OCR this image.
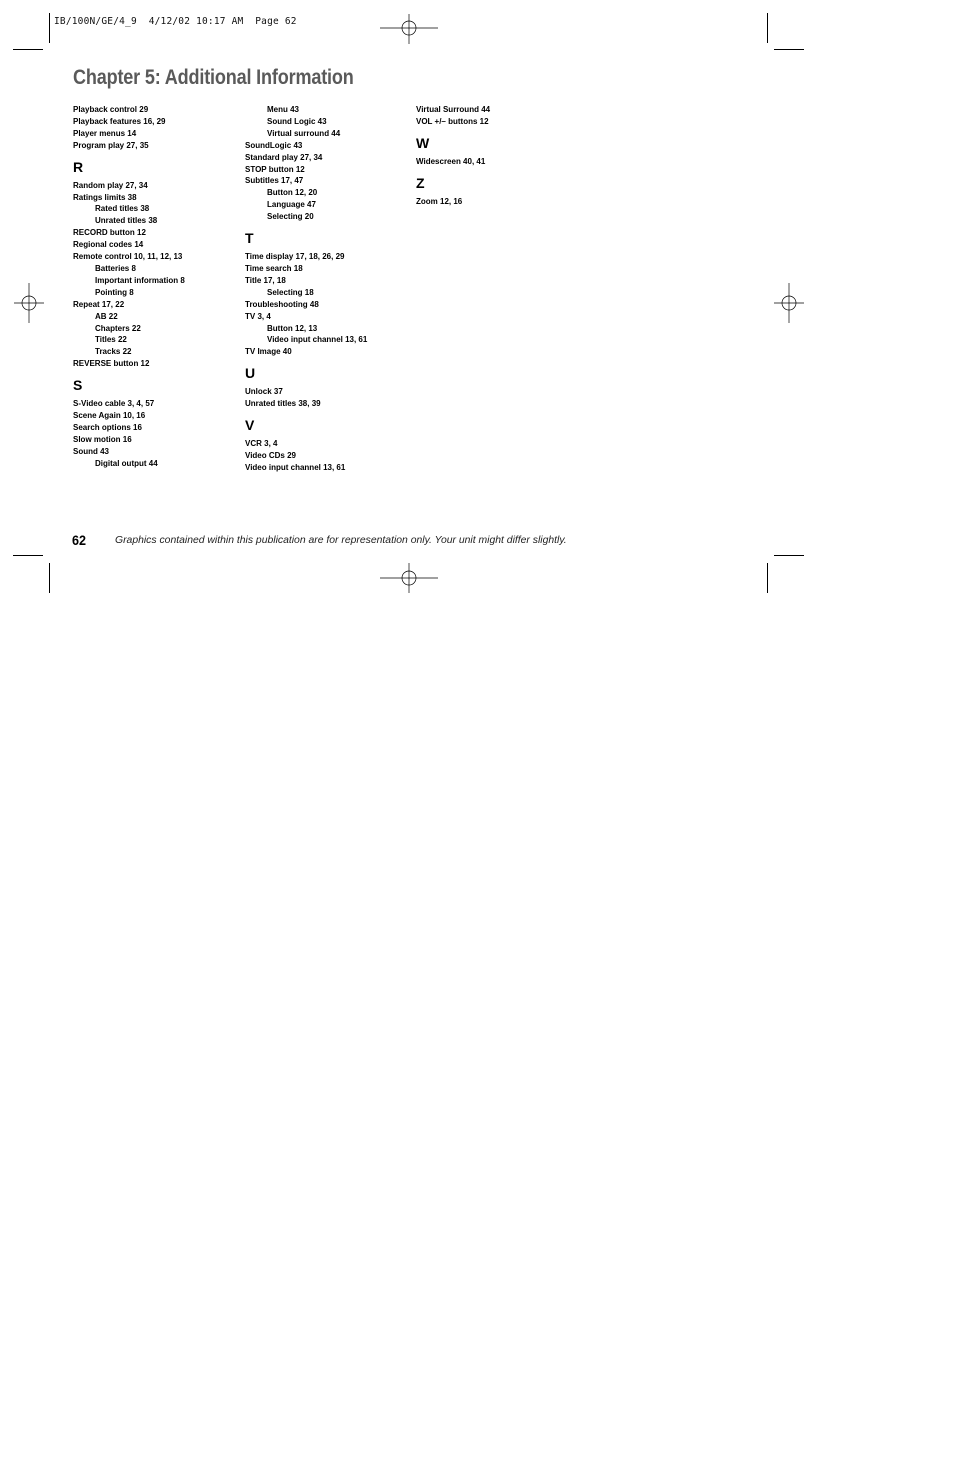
IB/100N/GE/4_9  4/12/02 10:17 AM  Page 62
Chapter 5: Additional Information
Playback control 29
Playback features 16, 29
Player menus 14
Program play 27, 35
R
Random play 27, 34
Ratings limits 38
Rated titles 38
Unrated titles 38
RECORD button 12
Regional codes 14
Remote control 10, 11, 12, 13
Batteries 8
Important information 8
Pointing 8
Repeat 17, 22
AB 22
Chapters 22
Titles 22
Tracks 22
REVERSE button 12
S
S-Video cable 3, 4, 57
Scene Again 10, 16
Search options 16
Slow motion 16
Sound 43
Digital output 44
Menu 43
Sound Logic 43
Virtual surround 44
SoundLogic 43
Standard play 27, 34
STOP button 12
Subtitles 17, 47
Button 12, 20
Language 47
Selecting 20
T
Time display 17, 18, 26, 29
Time search 18
Title 17, 18
Selecting 18
Troubleshooting 48
TV 3, 4
Button 12, 13
Video input channel 13, 61
TV Image 40
U
Unlock 37
Unrated titles 38, 39
V
VCR 3, 4
Video CDs 29
Video input channel 13, 61
Virtual Surround 44
VOL +/– buttons 12
W
Widescreen 40, 41
Z
Zoom 12, 16
62	Graphics contained within this publication are for representation only. Your unit might differ slightly.
